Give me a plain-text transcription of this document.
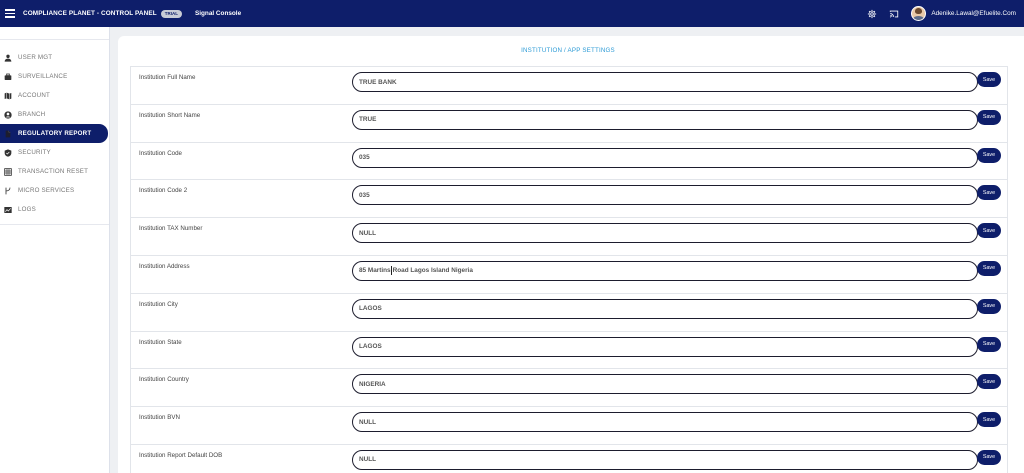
COMPLIANCE PLANET - CONTROL PANEL	TRIAL	Signal Console	Adenike.Lawal@Efuelite.Com
USER MGT
SURVEILLANCE
ACCOUNT
BRANCH
REGULATORY REPORT
SECURITY
TRANSACTION RESET
MICRO SERVICES
LOGS
INSTITUTION / APP SETTINGS
Institution Full Name
TRUE BANK	Save
Institution Short Name
TRUE	Save
Institution Code
035	Save
Institution Code 2
035	Save
Institution TAX Number
NULL	Save
Institution Address
85 Martins Road Lagos Island Nigeria	Save
Institution City
LAGOS	Save
Institution State
LAGOS	Save
Institution Country
NIGERIA	Save
Institution BVN
NULL	Save
Institution Report Default DOB
NULL	Save
